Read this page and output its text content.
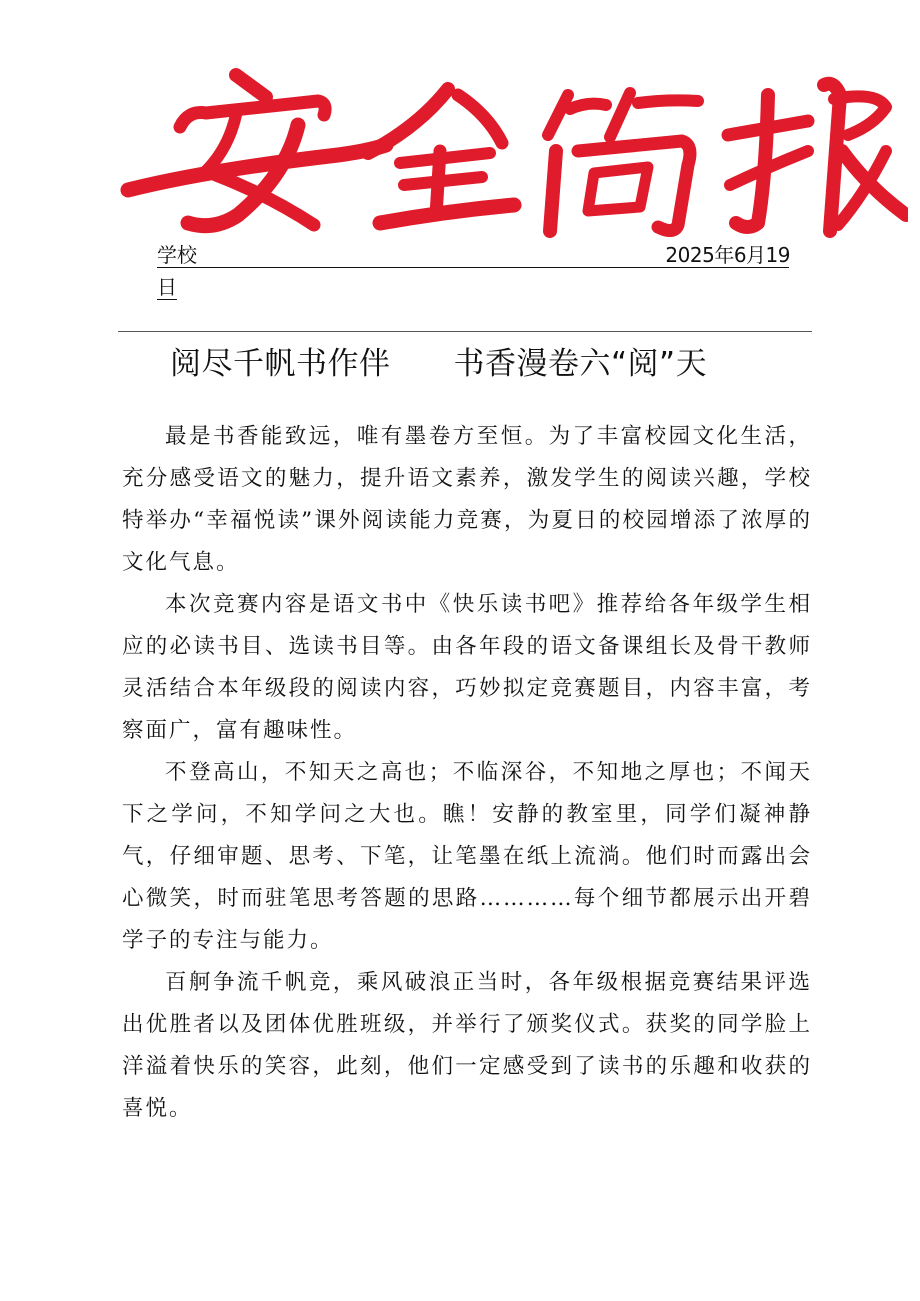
学校	2025年6月19
日
阅尽千帆书作伴　　书香漫卷六“阅”天

最是书香能致远，唯有墨卷方至恒。为了丰富校园文化生活，充分感受语文的魅力，提升语文素养，激发学生的阅读兴趣，学校特举办“幸福悦读”课外阅读能力竞赛，为夏日的校园增添了浓厚的文化气息。

本次竞赛内容是语文书中《快乐读书吧》推荐给各年级学生相应的必读书目、选读书目等。由各年段的语文备课组长及骨干教师灵活结合本年级段的阅读内容，巧妙拟定竞赛题目，内容丰富，考察面广，富有趣味性。

不登高山，不知天之高也；不临深谷，不知地之厚也；不闻天下之学问，不知学问之大也。瞧！安静的教室里，同学们凝神静气，仔细审题、思考、下笔，让笔墨在纸上流淌。他们时而露出会心微笑，时而驻笔思考答题的思路…………每个细节都展示出开碧学子的专注与能力。

百舸争流千帆竞，乘风破浪正当时，各年级根据竞赛结果评选出优胜者以及团体优胜班级，并举行了颁奖仪式。获奖的同学脸上洋溢着快乐的笑容，此刻，他们一定感受到了读书的乐趣和收获的喜悦。
